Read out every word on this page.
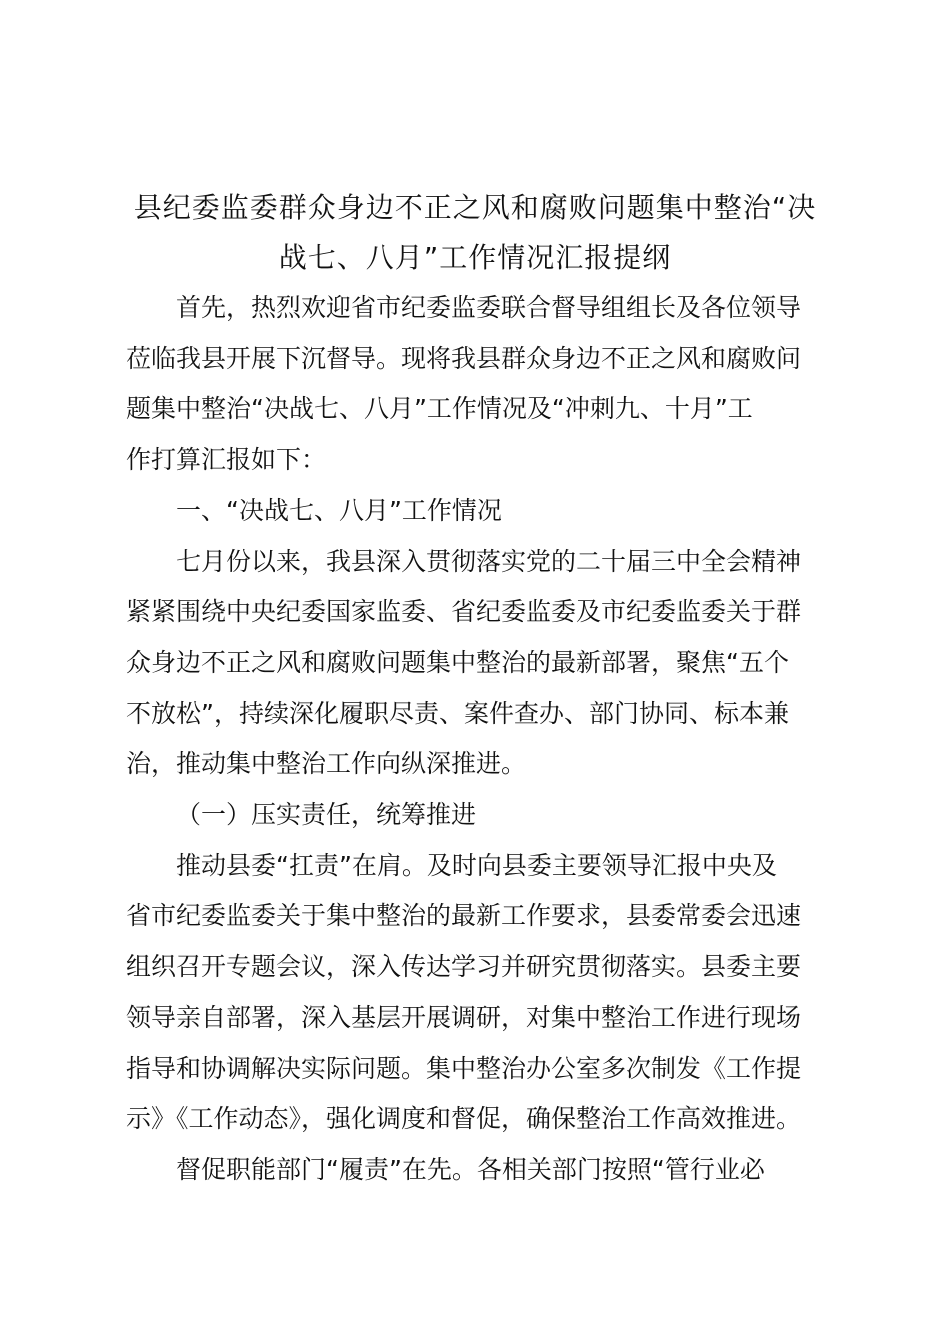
县纪委监委群众身边不正之风和腐败问题集中整治“决
战七、八月”工作情况汇报提纲

首先，热烈欢迎省市纪委监委联合督导组组长及各位领导
莅临我县开展下沉督导。现将我县群众身边不正之风和腐败问
题集中整治“决战七、八月”工作情况及“冲刺九、十月”工
作打算汇报如下：

一、“决战七、八月”工作情况

七月份以来，我县深入贯彻落实党的二十届三中全会精神
紧紧围绕中央纪委国家监委、省纪委监委及市纪委监委关于群
众身边不正之风和腐败问题集中整治的最新部署，聚焦“五个
不放松”，持续深化履职尽责、案件查办、部门协同、标本兼
治，推动集中整治工作向纵深推进。

（一）压实责任，统筹推进

推动县委“扛责”在肩。及时向县委主要领导汇报中央及
省市纪委监委关于集中整治的最新工作要求，县委常委会迅速
组织召开专题会议，深入传达学习并研究贯彻落实。县委主要
领导亲自部署，深入基层开展调研，对集中整治工作进行现场
指导和协调解决实际问题。集中整治办公室多次制发《工作提
示》《工作动态》，强化调度和督促，确保整治工作高效推进。

督促职能部门“履责”在先。各相关部门按照“管行业必
